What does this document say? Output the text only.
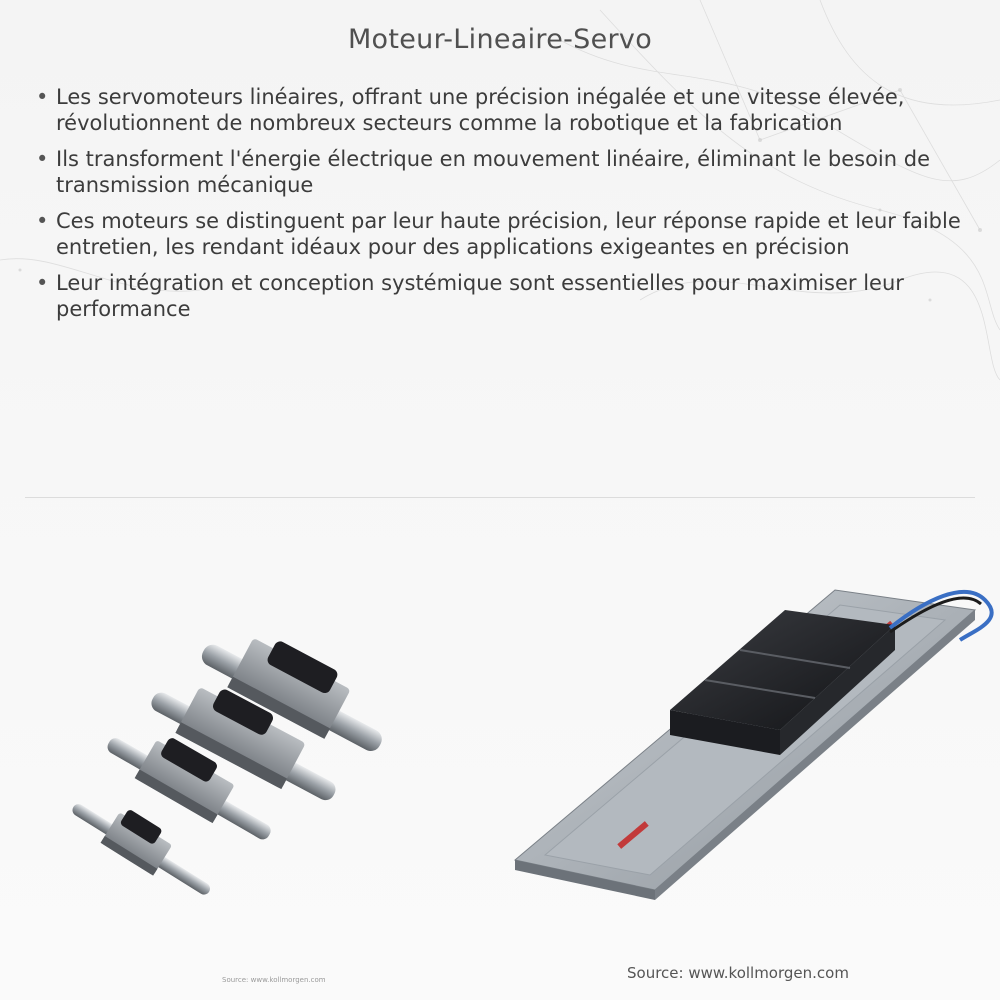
Moteur-Lineaire-Servo
• Les servomoteurs linéaires, offrant une précision inégalée et une vitesse élevée, révolutionnent de nombreux secteurs comme la robotique et la fabrication
• Ils transforment l'énergie électrique en mouvement linéaire, éliminant le besoin de transmission mécanique
• Ces moteurs se distinguent par leur haute précision, leur réponse rapide et leur faible entretien, les rendant idéaux pour des applications exigeantes en précision
• Leur intégration et conception systémique sont essentielles pour maximiser leur performance
Source: www.kollmorgen.com	Source: www.kollmorgen.com
